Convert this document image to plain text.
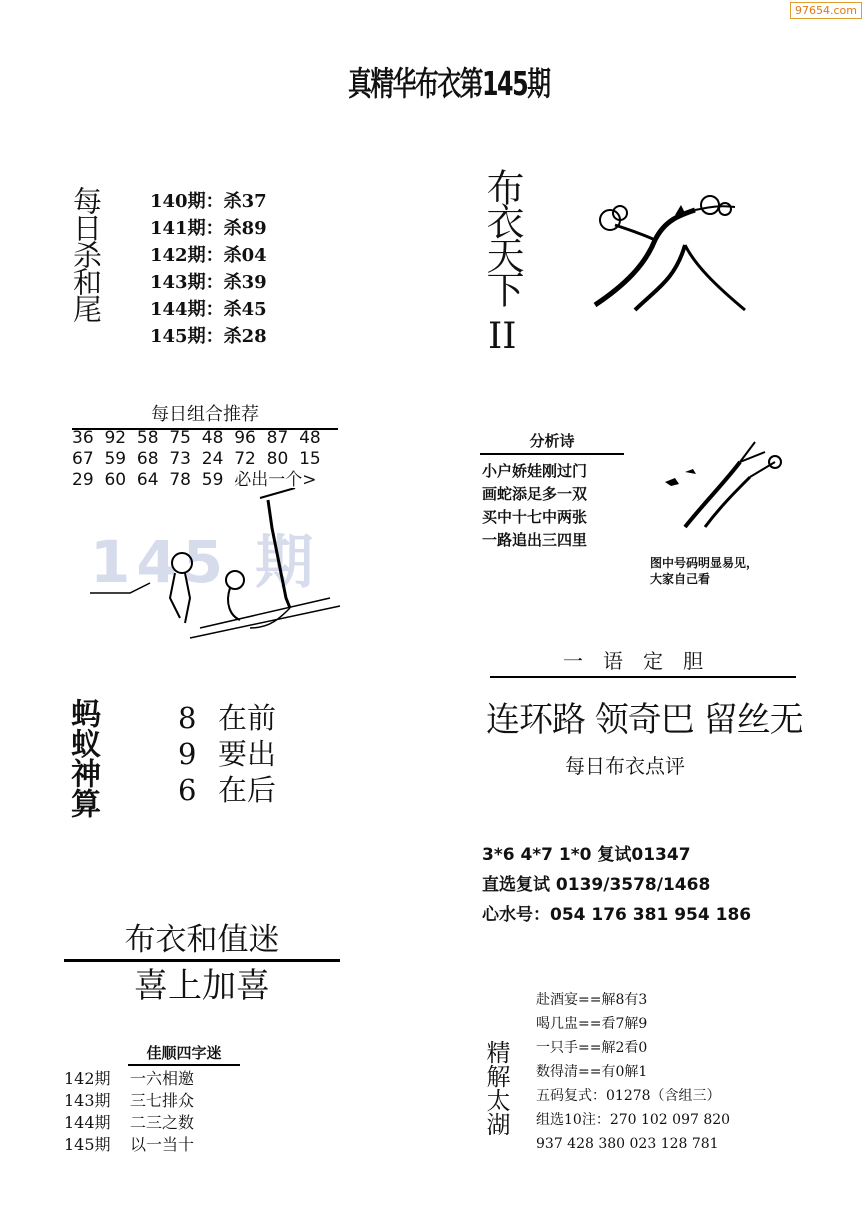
97654.com
真精华布衣第145期
每日杀和尾	140期：杀37
141期：杀89
142期：杀04
143期：杀39
144期：杀45
145期：杀28
布衣天下
II
145 期
每日组合推荐
36  92  58  75  48  96  87  48
67  59  68  73  24  72  80  15
29  60  64  78  59  必出一个>
分析诗
小户娇娃刚过门
画蛇添足多一双
买中十七中两张
一路追出三四里
图中号码明显易见，
大家自己看
一语定胆
连环路 领奇巴 留丝无
每日布衣点评
3*6 4*7 1*0 复试01347
直选复试 0139/3578/1468
心水号：054 176 381 954 186
蚂蚁神算	8 在前
9 要出
6 在后
布衣和值迷
喜上加喜
佳顺四字迷
142期 一六相邀
143期 三七排众
144期 二三之数
145期 以一当十
精解太湖
赴酒宴==解8有3
喝几盅==看7解9
一只手==解2看0
数得清==有0解1
五码复式：01278（含组三）
组选10注：270 102 097 820
937 428 380 023 128 781
